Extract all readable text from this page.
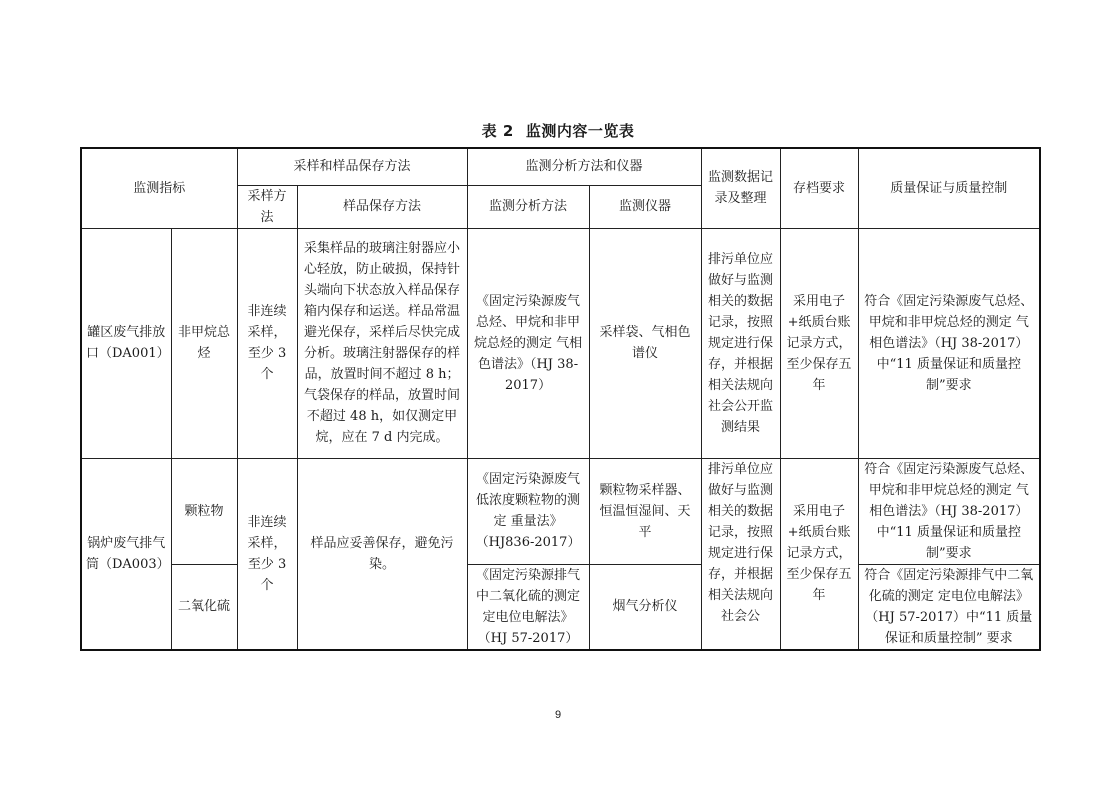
表 2 监测内容一览表
监测指标		采样和样品保存方法		监测分析方法和仪器		监测数据记录及整理	存档要求	质量保证与质量控制
		采样方法	样品保存方法	监测分析方法	监测仪器			
罐区废气排放口（DA001）	非甲烷总烃	非连续采样，至少 3 个	采集样品的玻璃注射器应小心轻放，防止破损，保持针头端向下状态放入样品保存箱内保存和运送。样品常温避光保存，采样后尽快完成分析。玻璃注射器保存的样品，放置时间不超过 8 h；气袋保存的样品，放置时间不超过 48 h，如仅测定甲烷，应在 7 d 内完成。	《固定污染源废气总烃、甲烷和非甲烷总烃的测定 气相色谱法》（HJ 38-2017）	采样袋、气相色谱仪	排污单位应做好与监测相关的数据记录，按照规定进行保存，并根据相关法规向社会公开监测结果	采用电子+纸质台账记录方式，至少保存五年	符合《固定污染源废气总烃、甲烷和非甲烷总烃的测定 气相色谱法》（HJ 38-2017）中“11 质量保证和质量控制”要求
锅炉废气排气筒（DA003）	颗粒物	非连续采样，至少 3 个	样品应妥善保存，避免污染。	《固定污染源废气 低浓度颗粒物的测定 重量法》（HJ836-2017）	颗粒物采样器、恒温恒湿间、天平	排污单位应做好与监测相关的数据记录，按照规定进行保存，并根据相关法规向社会公	采用电子+纸质台账记录方式，至少保存五年	符合《固定污染源废气总烃、甲烷和非甲烷总烃的测定 气相色谱法》（HJ 38-2017）中“11 质量保证和质量控制”要求
	二氧化硫			《固定污染源排气中二氧化硫的测定 定电位电解法》（HJ 57-2017）	烟气分析仪			符合《固定污染源排气中二氧化硫的测定 定电位电解法》（HJ 57-2017）中“11 质量保证和质量控制” 要求
9
